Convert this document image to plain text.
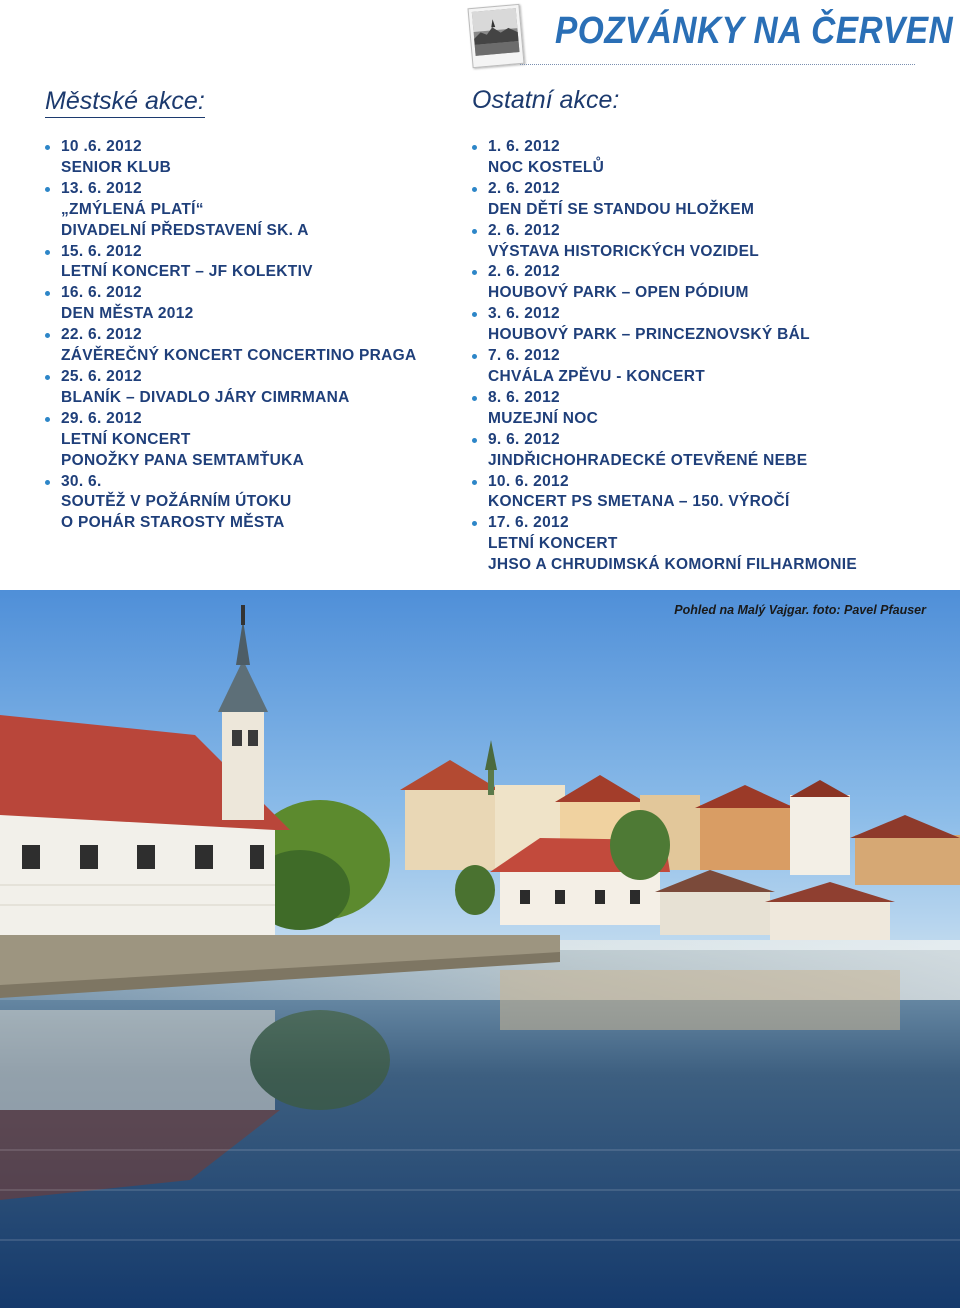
POZVÁNKY NA ČERVEN
Městské akce:
10 .6. 2012
SENIOR KLUB
13. 6. 2012
„ZMÝLENÁ PLATÍ“
DIVADELNÍ PŘEDSTAVENÍ SK. A
15. 6. 2012
LETNÍ KONCERT – JF KOLEKTIV
16. 6. 2012
DEN MĚSTA 2012
22. 6. 2012
ZÁVĚREČNÝ KONCERT CONCERTINO PRAGA
25. 6. 2012
BLANÍK – DIVADLO JÁRY CIMRMANA
29. 6. 2012
LETNÍ KONCERT
PONOŽKY PANA SEMTAMŤUKA
30. 6.
SOUTĚŽ V POŽÁRNÍM ÚTOKU
O POHÁR STAROSTY MĚSTA
Ostatní akce:
1. 6. 2012
NOC KOSTELŮ
2. 6. 2012
DEN DĚTÍ SE STANDOU HLOŽKEM
2. 6. 2012
VÝSTAVA HISTORICKÝCH VOZIDEL
2. 6. 2012
HOUBOVÝ PARK – OPEN PÓDIUM
3. 6. 2012
HOUBOVÝ PARK – PRINCEZNOVSKÝ BÁL
7. 6. 2012
CHVÁLA ZPĚVU - KONCERT
8. 6. 2012
MUZEJNÍ NOC
9. 6. 2012
JINDŘICHOHRADECKÉ OTEVŘENÉ NEBE
10. 6. 2012
KONCERT PS SMETANA – 150. VÝROČÍ
17. 6. 2012
LETNÍ KONCERT
JHSO A CHRUDIMSKÁ KOMORNÍ FILHARMONIE
Pohled na Malý Vajgar. foto: Pavel Pfauser
